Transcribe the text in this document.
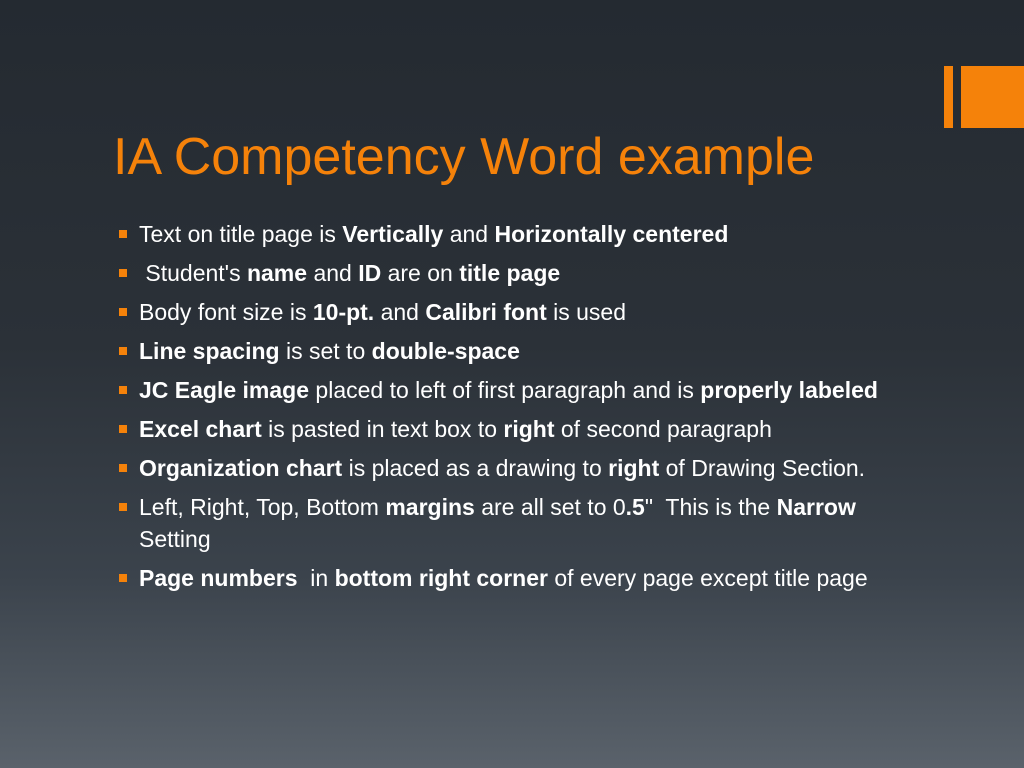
IA Competency Word example
Text on title page is Vertically and Horizontally centered
Student's name and ID are on title page
Body font size is 10-pt. and Calibri font is used
Line spacing is set to double-space
JC Eagle image placed to left of first paragraph and is properly labeled
Excel chart is pasted in text box to right of second paragraph
Organization chart is placed as a drawing to right of Drawing Section.
Left, Right, Top, Bottom margins are all set to 0.5"  This is the Narrow Setting
Page numbers  in bottom right corner of every page except title page
